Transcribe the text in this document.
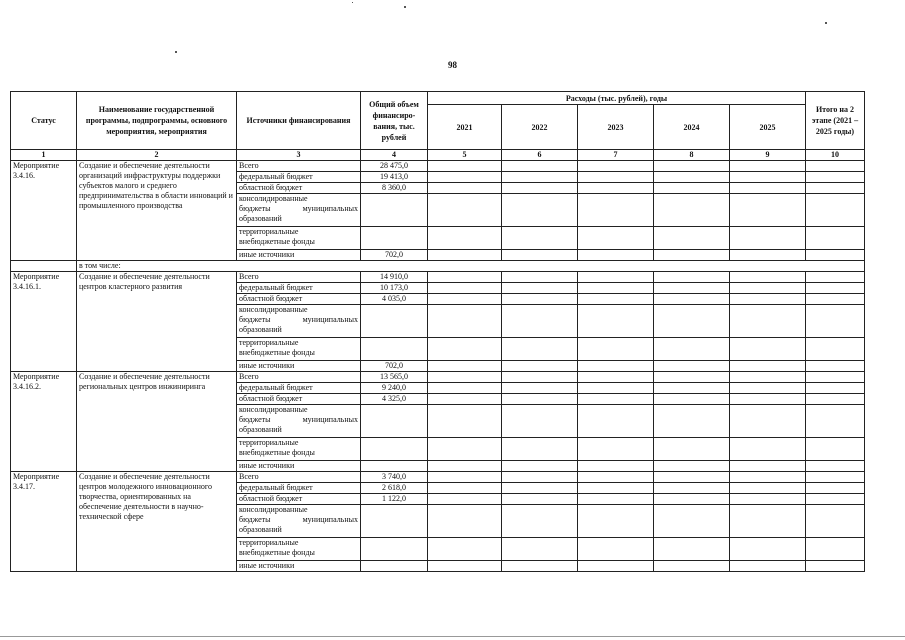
98
Статус	Наименование государственной программы, подпрограммы, основного мероприятия, мероприятия	Источники финансирования	Общий объем финансиро-вания, тыс. рублей	Расходы (тыс. рублей), годы					Итого на 2 этапе (2021 – 2025 годы)
				2021	2022	2023	2024	2025	
1	2	3	4	5	6	7	8	9	10
Мероприятие 3.4.16.	Создание и обеспечение деятельности организаций инфраструктуры поддержки субъектов малого и среднего предпринимательства в области инноваций и промышленного производства	Всего	28 475,0						
		федеральный бюджет	19 413,0						
		областной бюджет	8 360,0						
		консолидированные
бюджеты муниципальных
образований							

		территориальные
внебюджетные фонды							
		иные источники	702,0						
	в том числе:								
Мероприятие 3.4.16.1.	Создание и обеспечение деятельности центров кластерного развития	Всего	14 910,0						
		федеральный бюджет	10 173,0						
		областной бюджет	4 035,0						
		консолидированные
бюджеты муниципальных
образований							

		территориальные
внебюджетные фонды							
		иные источники	702,0						
Мероприятие 3.4.16.2.	Создание и обеспечение деятельности региональных центров инжиниринга	Всего	13 565,0						
		федеральный бюджет	9 240,0						
		областной бюджет	4 325,0						
		консолидированные
бюджеты муниципальных
образований							

		территориальные
внебюджетные фонды							
		иные источники							
Мероприятие 3.4.17.	Создание и обеспечение деятельности центров молодежного инновационного творчества, ориентированных на обеспечение деятельности в научно-технической сфере	Всего	3 740,0						
		федеральный бюджет	2 618,0						
		областной бюджет	1 122,0						
		консолидированные
бюджеты муниципальных
образований							

		территориальные
внебюджетные фонды							
		иные источники							
